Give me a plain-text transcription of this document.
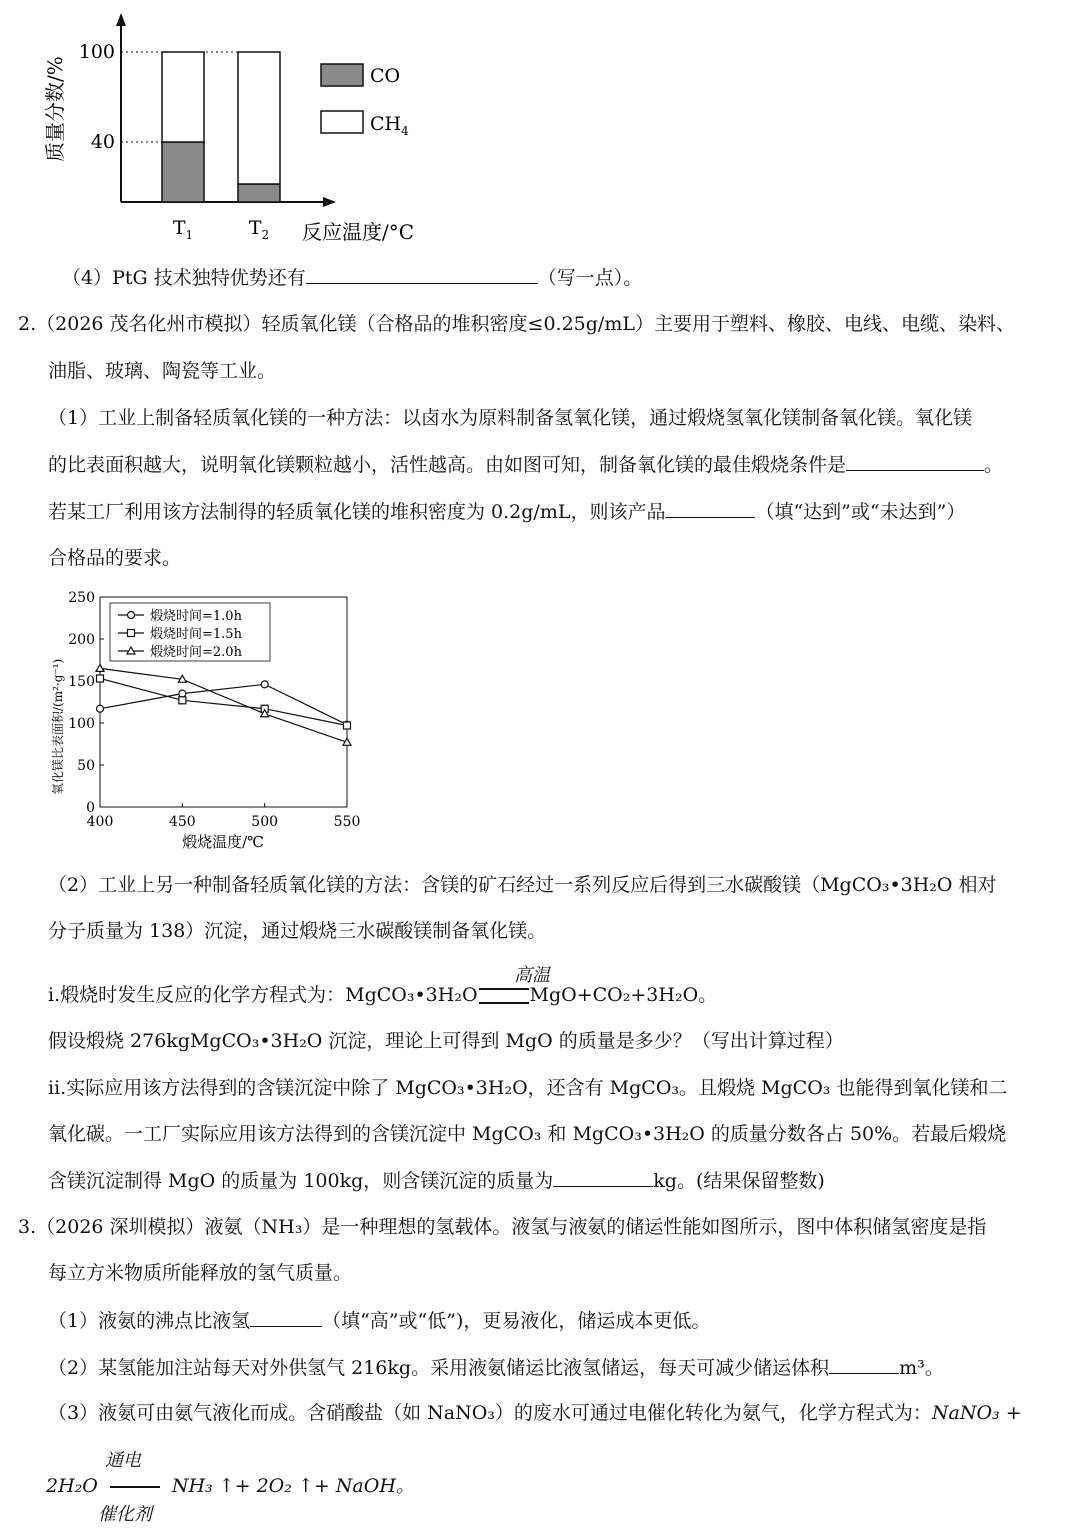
100
40
质量分数/%
$T_1$	$T_2$ 反应温度/°C
CO
$CH_4$
（4）PtG 技术独特优势还有	（写一点）。
2.（2026 茂名化州市模拟）轻质氧化镁（合格品的堆积密度≤0.25g/mL）主要用于塑料、橡胶、电线、电缆、染料、
油脂、玻璃、陶瓷等工业。
（1）工业上制备轻质氧化镁的一种方法：以卤水为原料制备氢氧化镁，通过煅烧氢氧化镁制备氧化镁。氧化镁
的比表面积越大，说明氧化镁颗粒越小，活性越高。由如图可知，制备氧化镁的最佳煅烧条件是	。
若某工厂利用该方法制得的轻质氧化镁的堆积密度为 0.2g/mL，则该产品	（填“达到”或“未达到”）
合格品的要求。
250
200
150
100
50
0
400	450	500	550
氧化镁比表面积/(m²·g⁻¹)
煅烧温度/℃
煅烧时间=1.0h
煅烧时间=1.5h
煅烧时间=2.0h
（2）工业上另一种制备轻质氧化镁的方法：含镁的矿石经过一系列反应后得到三水碳酸镁（MgCO₃•3H₂O 相对
分子质量为 138）沉淀，通过煅烧三水碳酸镁制备氧化镁。
高温
ⅰ.煅烧时发生反应的化学方程式为：MgCO₃•3H₂O	MgO+CO₂+3H₂O。
假设煅烧 276kgMgCO₃•3H₂O 沉淀，理论上可得到 MgO 的质量是多少？（写出计算过程）
ⅱ.实际应用该方法得到的含镁沉淀中除了 MgCO₃•3H₂O，还含有 MgCO₃。且煅烧 MgCO₃ 也能得到氧化镁和二
氧化碳。一工厂实际应用该方法得到的含镁沉淀中 MgCO₃ 和 MgCO₃•3H₂O 的质量分数各占 50%。若最后煅烧
含镁沉淀制得 MgO 的质量为 100kg，则含镁沉淀的质量为	kg。(结果保留整数)
3.（2026 深圳模拟）液氨（NH₃）是一种理想的氢载体。液氢与液氨的储运性能如图所示，图中体积储氢密度是指
每立方米物质所能释放的氢气质量。
（1）液氨的沸点比液氢	（填“高”或“低”)，更易液化，储运成本更低。
（2）某氢能加注站每天对外供氢气 216kg。采用液氨储运比液氢储运，每天可减少储运体积	m³。
（3）液氨可由氨气液化而成。含硝酸盐（如 NaNO₃）的废水可通过电催化转化为氨气，化学方程式为：NaNO₃ +
通电
2H₂O	NH₃ ↑+ 2O₂ ↑+ NaOH。
催化剂
